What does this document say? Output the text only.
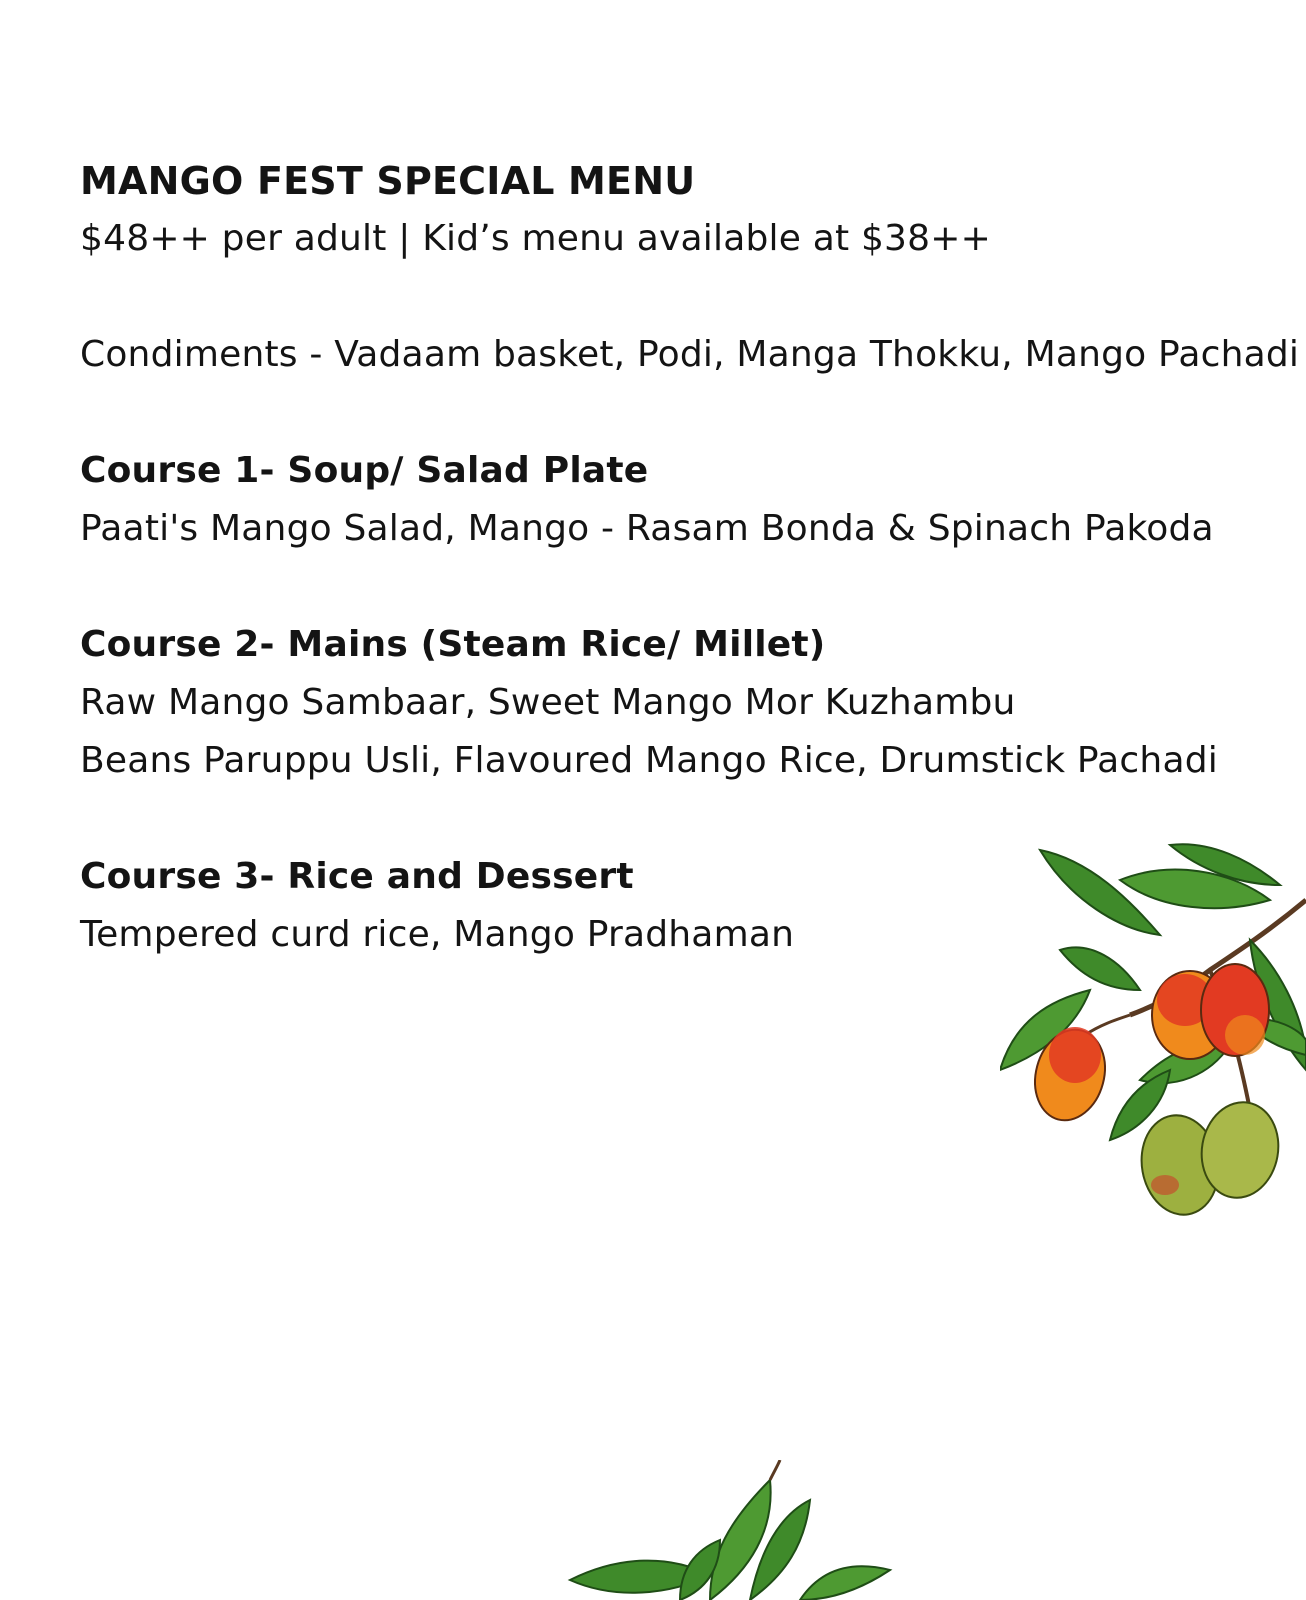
MANGO FEST SPECIAL MENU

$48++ per adult | Kid’s menu available at $38++

Condiments - Vadaam basket, Podi, Manga Thokku, Mango Pachadi

Course 1- Soup/ Salad Plate

Paati's Mango Salad, Mango - Rasam Bonda & Spinach Pakoda

Course 2- Mains (Steam Rice/ Millet)

Raw Mango Sambaar, Sweet Mango Mor Kuzhambu

Beans Paruppu Usli, Flavoured Mango Rice, Drumstick Pachadi

Course 3- Rice and Dessert

Tempered curd rice, Mango Pradhaman
